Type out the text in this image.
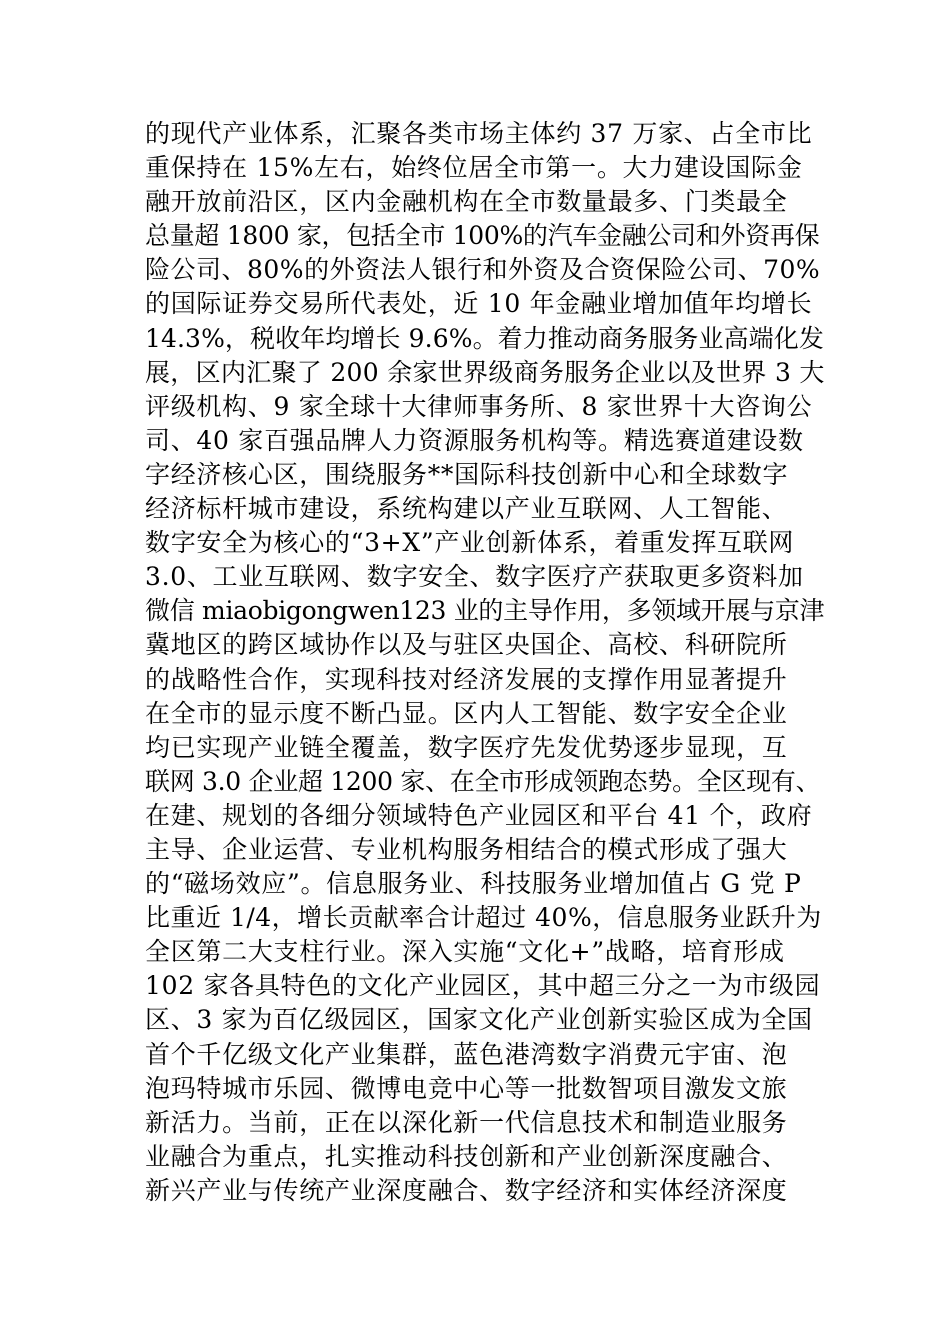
的现代产业体系，汇聚各类市场主体约 37 万家、占全市比
重保持在 15%左右，始终位居全市第一。大力建设国际金
融开放前沿区，区内金融机构在全市数量最多、门类最全
总量超 1800 家，包括全市 100%的汽车金融公司和外资再保
险公司、80%的外资法人银行和外资及合资保险公司、70%
的国际证券交易所代表处，近 10 年金融业增加值年均增长
14.3%，税收年均增长 9.6%。着力推动商务服务业高端化发
展，区内汇聚了 200 余家世界级商务服务企业以及世界 3 大
评级机构、9 家全球十大律师事务所、8 家世界十大咨询公
司、40 家百强品牌人力资源服务机构等。精选赛道建设数
字经济核心区，围绕服务**国际科技创新中心和全球数字
经济标杆城市建设，系统构建以产业互联网、人工智能、
数字安全为核心的“3+X”产业创新体系，着重发挥互联网
3.0、工业互联网、数字安全、数字医疗产获取更多资料加
微信 miaobigongwen123 业的主导作用，多领域开展与京津
冀地区的跨区域协作以及与驻区央国企、高校、科研院所
的战略性合作，实现科技对经济发展的支撑作用显著提升
在全市的显示度不断凸显。区内人工智能、数字安全企业
均已实现产业链全覆盖，数字医疗先发优势逐步显现，互
联网 3.0 企业超 1200 家、在全市形成领跑态势。全区现有、
在建、规划的各细分领域特色产业园区和平台 41 个，政府
主导、企业运营、专业机构服务相结合的模式形成了强大
的“磁场效应”。信息服务业、科技服务业增加值占 G 党 P
比重近 1/4，增长贡献率合计超过 40%，信息服务业跃升为
全区第二大支柱行业。深入实施“文化+”战略，培育形成
102 家各具特色的文化产业园区，其中超三分之一为市级园
区、3 家为百亿级园区，国家文化产业创新实验区成为全国
首个千亿级文化产业集群，蓝色港湾数字消费元宇宙、泡
泡玛特城市乐园、微博电竞中心等一批数智项目激发文旅
新活力。当前，正在以深化新一代信息技术和制造业服务
业融合为重点，扎实推动科技创新和产业创新深度融合、
新兴产业与传统产业深度融合、数字经济和实体经济深度
